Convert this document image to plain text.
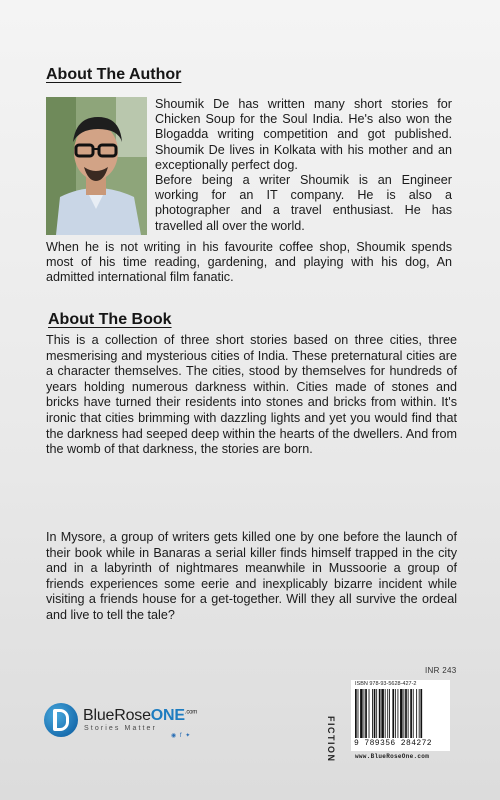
About The Author

Shoumik De has written many short stories for Chicken Soup for the Soul India. He's also won the Blogadda writing competition and got published. Shoumik De lives in Kolkata with his mother and an exceptionally perfect dog.

Before being a writer Shoumik is an Engineer working for an IT company. He is also a photographer and a travel enthusiast. He has travelled all over the world.

When he is not writing in his favourite coffee shop, Shoumik spends most of his time reading, gardening, and playing with his dog, An admitted international film fanatic.

About The Book

This is a collection of three short stories based on three cities, three mesmerising and mysterious cities of India. These preternatural cities are a character themselves. The cities, stood by themselves for hundreds of years holding numerous darkness within. Cities made of stones and bricks have turned their residents into stones and bricks from within. It's ironic that cities brimming with dazzling lights and yet you would find that the darkness had seeped deep within the hearts of the dwellers. And from the womb of that darkness, the stories are born.

In Mysore, a group of writers gets killed one by one before the launch of their book while in Banaras a serial killer finds himself trapped in the city and in a labyrinth of nightmares meanwhile in Mussoorie a group of friends experiences some eerie and inexplicably bizarre incident while visiting a friends house for a get-together. Will they all survive the ordeal and live to tell the tale?

BlueRoseONE$^{.com}$
Stories Matter
◉ f ✦
INR 243
FICTION
ISBN 978-93-5628-427-2
9 789356 284272
www.BlueRoseOne.com
